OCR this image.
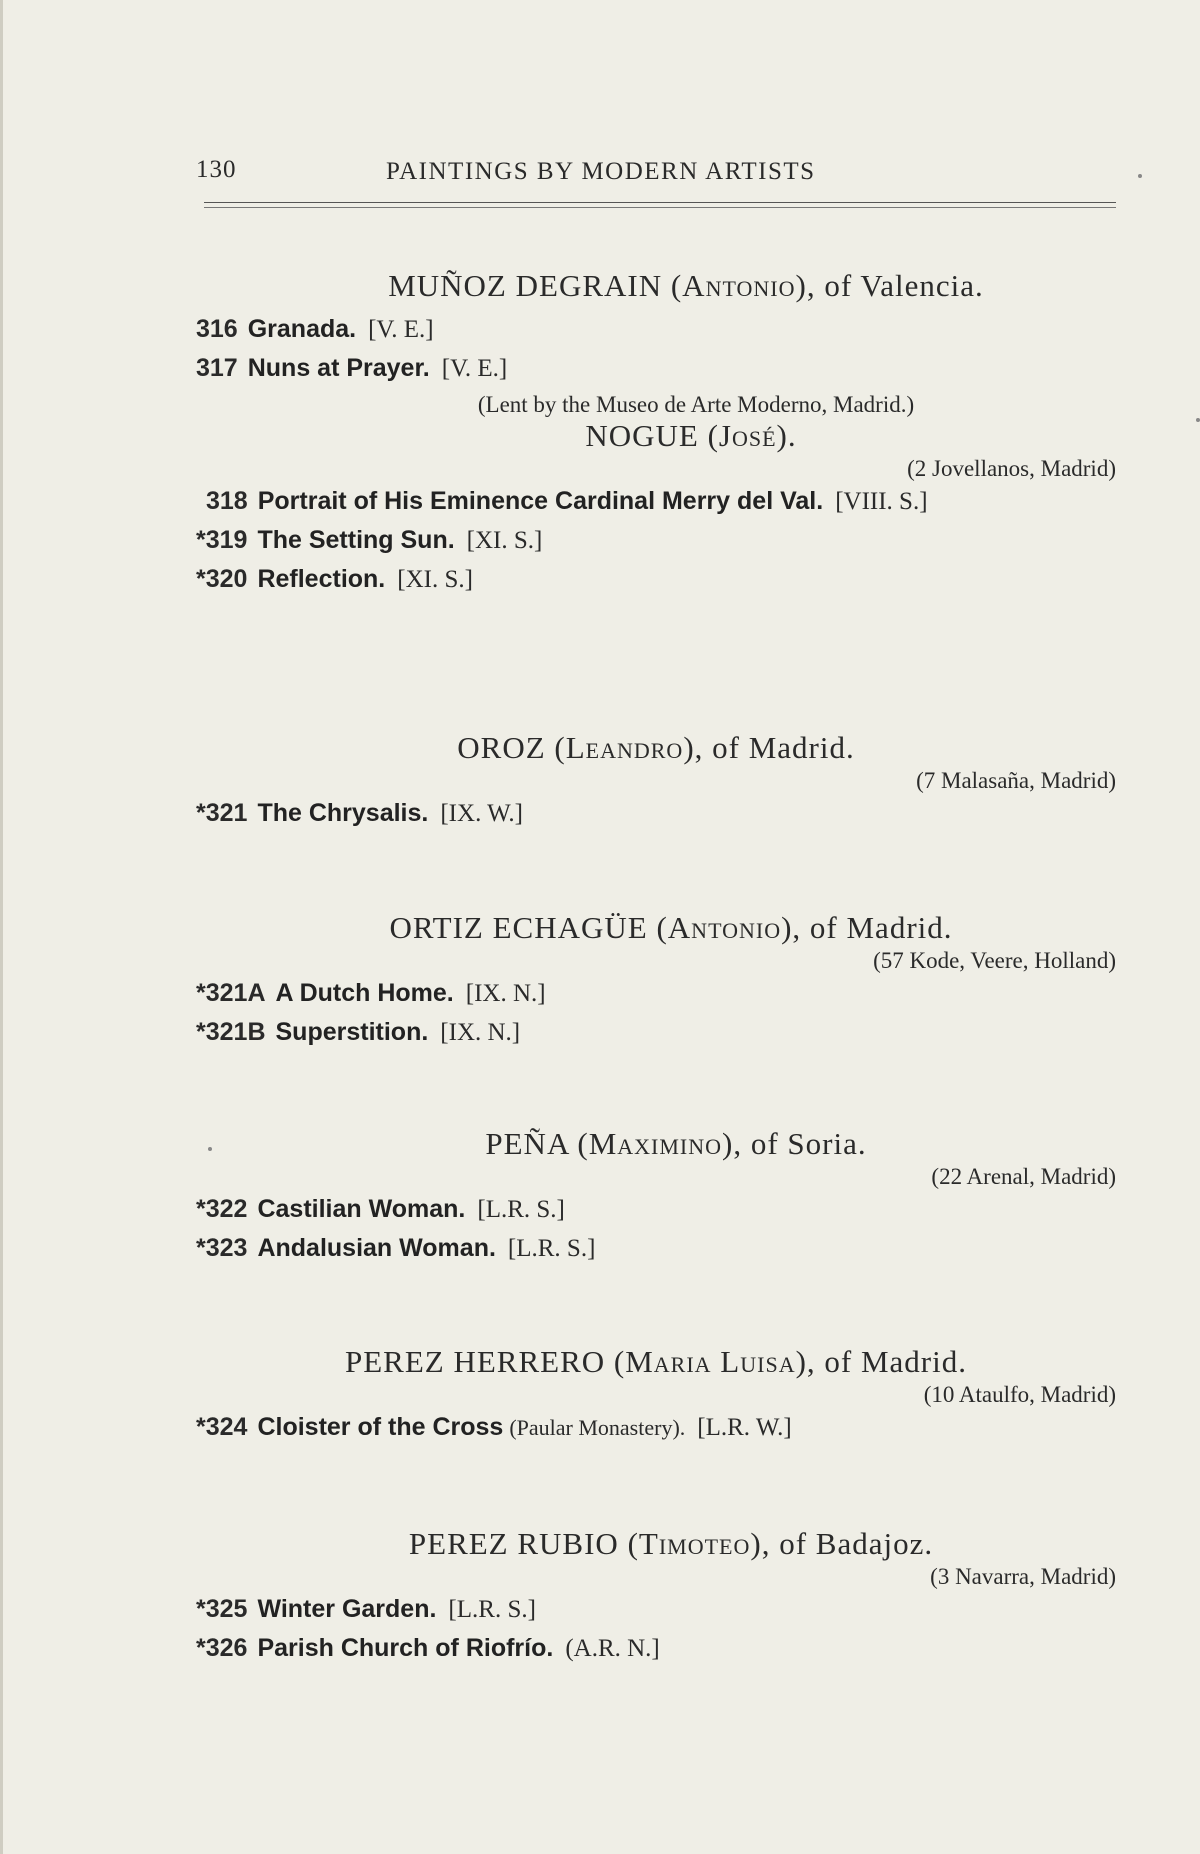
130	PAINTINGS BY MODERN ARTISTS
MUÑOZ DEGRAIN (Antonio), of Valencia.
316 Granada. [V. E.]
317 Nuns at Prayer. [V. E.]
(Lent by the Museo de Arte Moderno, Madrid.)
NOGUE (José).
(2 Jovellanos, Madrid)
318 Portrait of His Eminence Cardinal Merry del Val. [VIII. S.]
*319 The Setting Sun. [XI. S.]
*320 Reflection. [XI. S.]
OROZ (Leandro), of Madrid.
(7 Malasaña, Madrid)
*321 The Chrysalis. [IX. W.]
ORTIZ ECHAGÜE (Antonio), of Madrid.
(57 Kode, Veere, Holland)
*321A A Dutch Home. [IX. N.]
*321B Superstition. [IX. N.]
PEÑA (Maximino), of Soria.
(22 Arenal, Madrid)
*322 Castilian Woman. [L.R. S.]
*323 Andalusian Woman. [L.R. S.]
PEREZ HERRERO (Maria Luisa), of Madrid.
(10 Ataulfo, Madrid)
*324 Cloister of the Cross (Paular Monastery). [L.R. W.]
PEREZ RUBIO (Timoteo), of Badajoz.
(3 Navarra, Madrid)
*325 Winter Garden. [L.R. S.]
*326 Parish Church of Riofrío. (A.R. N.]
